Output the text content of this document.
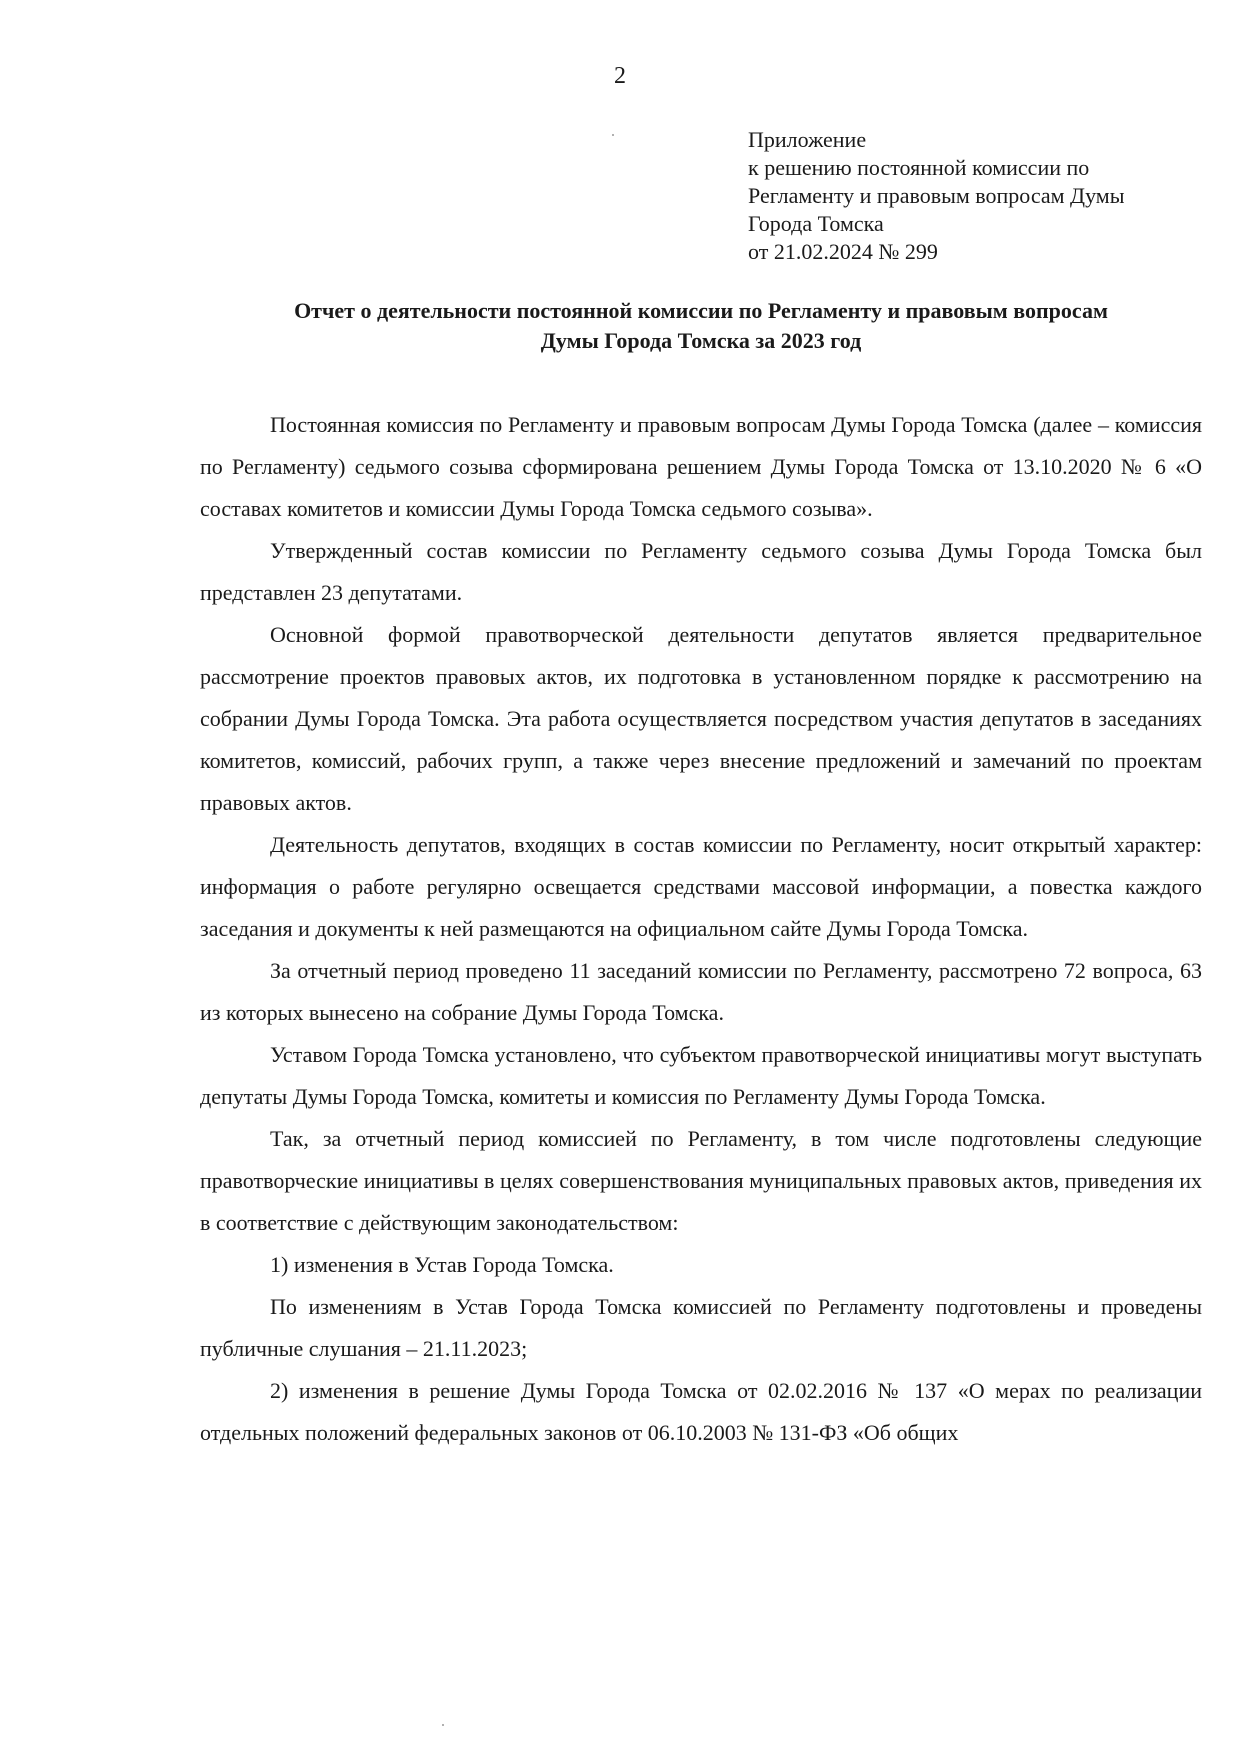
2
Приложение
к решению постоянной комиссии по
Регламенту и правовым вопросам Думы
Города Томска
от 21.02.2024 № 299
Отчет о деятельности постоянной комиссии по Регламенту и правовым вопросам
Думы Города Томска за 2023 год

Постоянная комиссия по Регламенту и правовым вопросам Думы Города Томска (далее – комиссия по Регламенту) седьмого созыва сформирована решением Думы Города Томска от 13.10.2020 № 6 «О составах комитетов и комиссии Думы Города Томска седьмого созыва».

Утвержденный состав комиссии по Регламенту седьмого созыва Думы Города Томска был представлен 23 депутатами.

Основной формой правотворческой деятельности депутатов является предварительное рассмотрение проектов правовых актов, их подготовка в установленном порядке к рассмотрению на собрании Думы Города Томска. Эта работа осуществляется посредством участия депутатов в заседаниях комитетов, комиссий, рабочих групп, а также через внесение предложений и замечаний по проектам правовых актов.

Деятельность депутатов, входящих в состав комиссии по Регламенту, носит открытый характер: информация о работе регулярно освещается средствами массовой информации, а повестка каждого заседания и документы к ней размещаются на официальном сайте Думы Города Томска.

За отчетный период проведено 11 заседаний комиссии по Регламенту, рассмотрено 72 вопроса, 63 из которых вынесено на собрание Думы Города Томска.

Уставом Города Томска установлено, что субъектом правотворческой инициативы могут выступать депутаты Думы Города Томска, комитеты и комиссия по Регламенту Думы Города Томска.

Так, за отчетный период комиссией по Регламенту, в том числе подготовлены следующие правотворческие инициативы в целях совершенствования муниципальных правовых актов, приведения их в соответствие с действующим законодательством:

1) изменения в Устав Города Томска.

По изменениям в Устав Города Томска комиссией по Регламенту подготовлены и проведены публичные слушания – 21.11.2023;

2) изменения в решение Думы Города Томска от 02.02.2016 № 137 «О мерах по реализации отдельных положений федеральных законов от 06.10.2003 № 131-ФЗ «Об общих
